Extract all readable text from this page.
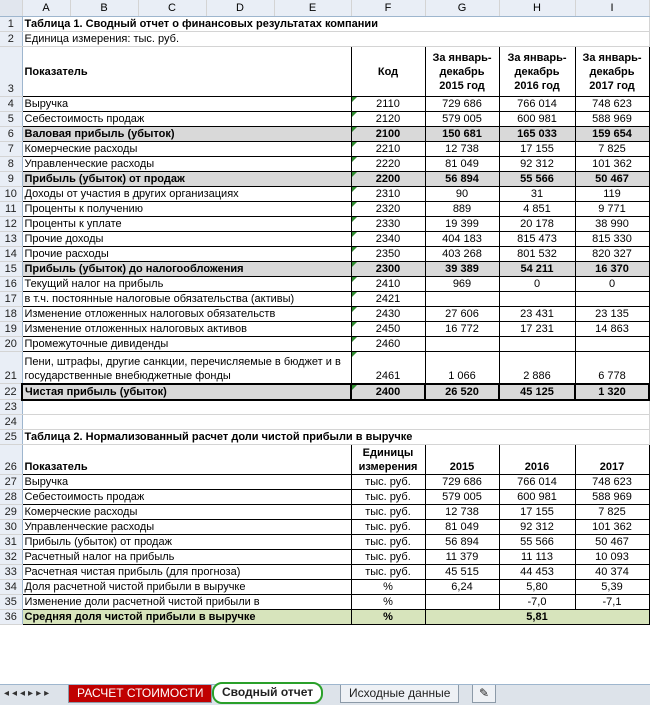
	A	B	C	D	E	F	G	H	I
1	Таблица 1. Сводный отчет о финансовых результатах компании								
2	Единица измерения: тыс. руб.								
3	Показатель					Код	За январь-декабрь 2015 год	За январь-декабрь 2016 год	За январь-декабрь 2017 год
4	Выручка					2110	729 686	766 014	748 623
5	Себестоимость продаж					2120	579 005	600 981	588 969
6	Валовая прибыль (убыток)					2100	150 681	165 033	159 654
7	Комерческие расходы					2210	12 738	17 155	7 825
8	Управленческие расходы					2220	81 049	92 312	101 362
9	Прибыль (убыток) от продаж					2200	56 894	55 566	50 467
10	Доходы от участия в других организациях					2310	90	31	119
11	Проценты к получению					2320	889	4 851	9 771
12	Проценты к уплате					2330	19 399	20 178	38 990
13	Прочие доходы					2340	404 183	815 473	815 330
14	Прочие расходы					2350	403 268	801 532	820 327
15	Прибыль (убыток) до налогообложения					2300	39 389	54 211	16 370
16	Текущий налог на прибыль					2410	969	0	0
17	в т.ч. постоянные налоговые обязательства (активы)					2421			
18	Изменение отложенных налоговых обязательств					2430	27 606	23 431	23 135
19	Изменение отложенных налоговых активов					2450	16 772	17 231	14 863
20	Промежуточные дивиденды					2460			
21	Пени, штрафы, другие санкции, перечисляемые в бюджет и в государственные внебюджетные фонды					2461	1 066	2 886	6 778
22	Чистая прибыль (убыток)					2400	26 520	45 125	1 320
23									
24									
25	Таблица 2. Нормализованный расчет доли чистой прибыли в выручке								
26	Показатель					Единицы измерения	2015	2016	2017
27	Выручка					тыс. руб.	729 686	766 014	748 623
28	Себестоимость продаж					тыс. руб.	579 005	600 981	588 969
29	Комерческие расходы					тыс. руб.	12 738	17 155	7 825
30	Управленческие расходы					тыс. руб.	81 049	92 312	101 362
31	Прибыль (убыток) от продаж					тыс. руб.	56 894	55 566	50 467
32	Расчетный налог на прибыль					тыс. руб.	11 379	11 113	10 093
33	Расчетная чистая прибыль (для прогноза)					тыс. руб.	45 515	44 453	40 374
34	Доля расчетной чистой прибыли в выручке					%	6,24	5,80	5,39
35	Изменение доли расчетной чистой прибыли в					%		-7,0	-7,1
36	Средняя доля чистой прибыли в выручке					%	5,81		
◂◂◂▸▸▸	РАСЧЕТ СТОИМОСТИ	Сводный отчет	Исходные данные	✎
